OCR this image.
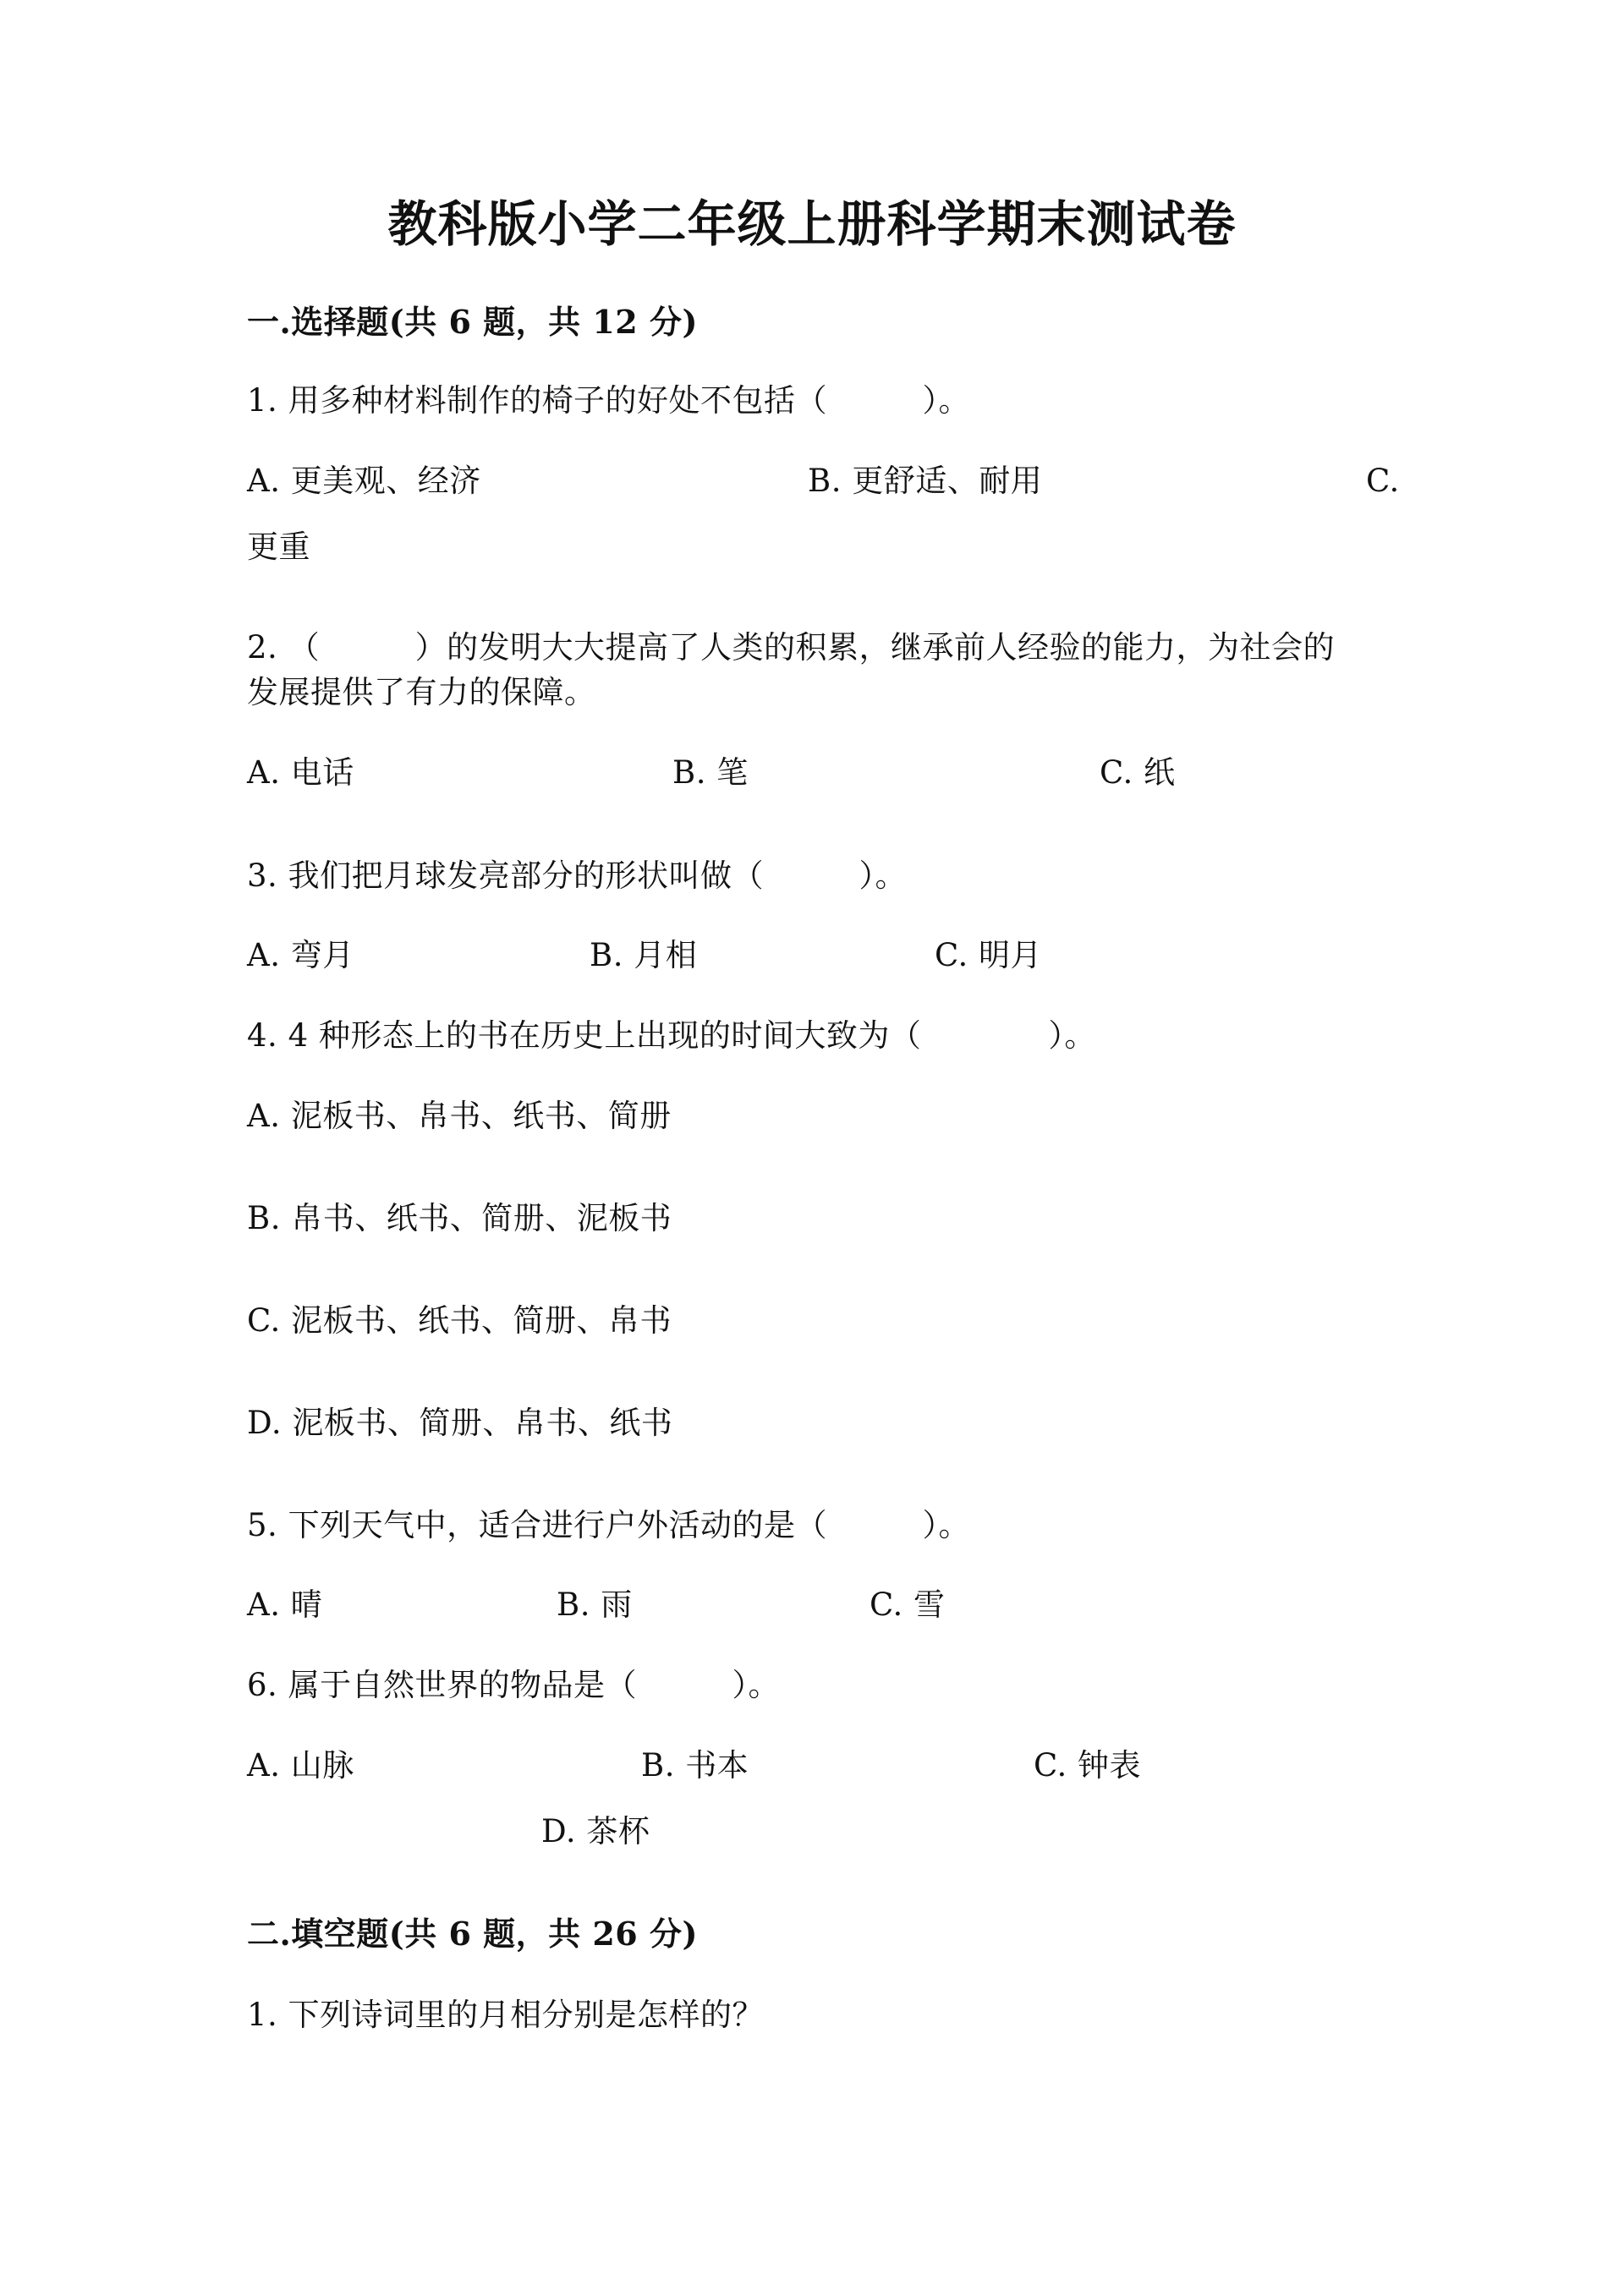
教科版小学二年级上册科学期末测试卷
一.选择题(共 6 题，共 12 分)
1. 用多种材料制作的椅子的好处不包括（　　　）。
A. 更美观、经济	B. 更舒适、耐用	C.
更重
2. （　　　）的发明大大提高了人类的积累，继承前人经验的能力，为社会的
发展提供了有力的保障。
A. 电话	B. 笔	C. 纸
3. 我们把月球发亮部分的形状叫做（　　　）。
A. 弯月	B. 月相	C. 明月
4. 4 种形态上的书在历史上出现的时间大致为（　　　　）。
A. 泥板书、帛书、纸书、简册
B. 帛书、纸书、简册、泥板书
C. 泥板书、纸书、简册、帛书
D. 泥板书、简册、帛书、纸书
5. 下列天气中，适合进行户外活动的是（　　　）。
A. 晴	B. 雨	C. 雪
6. 属于自然世界的物品是（　　　）。
A. 山脉	B. 书本	C. 钟表
D. 茶杯
二.填空题(共 6 题，共 26 分)
1. 下列诗词里的月相分别是怎样的？
